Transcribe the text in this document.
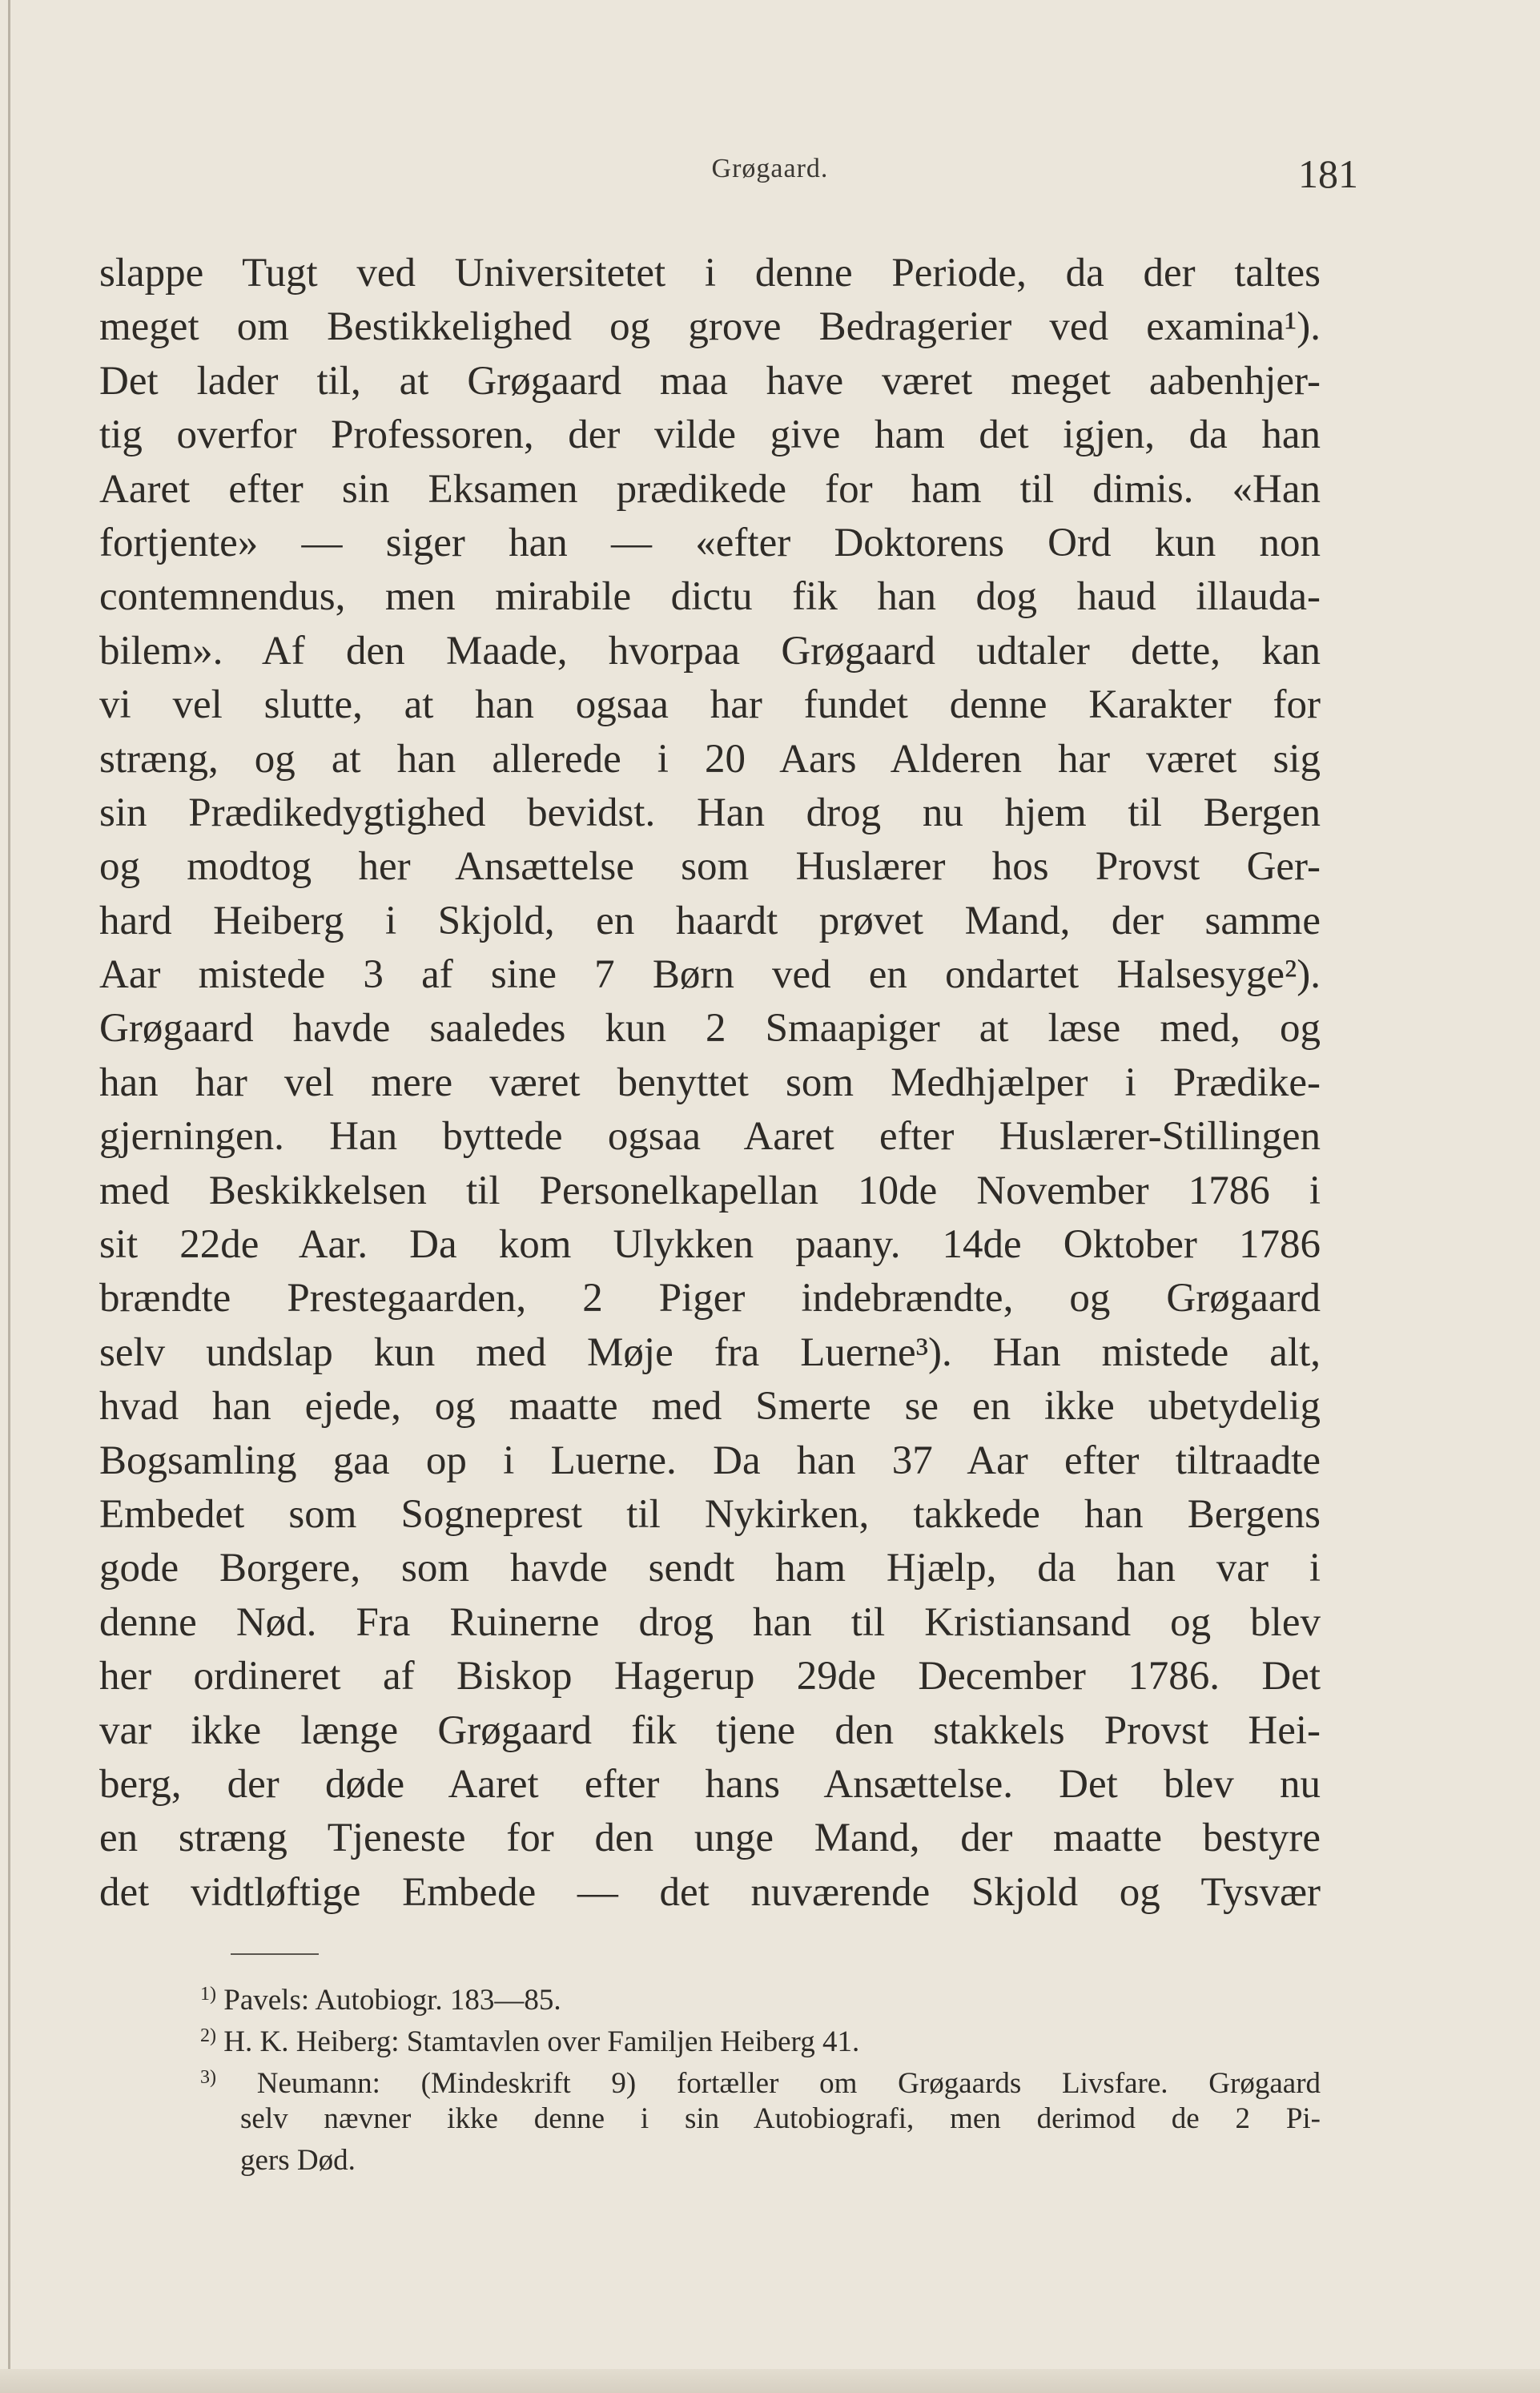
Grøgaard.	181
slappe Tugt ved Universitetet i denne Periode, da der taltes
meget om Bestikkelighed og grove Bedragerier ved examina¹).
Det lader til, at Grøgaard maa have været meget aabenhjer-
tig overfor Professoren, der vilde give ham det igjen, da han
Aaret efter sin Eksamen prædikede for ham til dimis. «Han
fortjente» — siger han — «efter Doktorens Ord kun non
contemnendus, men mirabile dictu fik han dog haud illauda-
bilem». Af den Maade, hvorpaa Grøgaard udtaler dette, kan
vi vel slutte, at han ogsaa har fundet denne Karakter for
stræng, og at han allerede i 20 Aars Alderen har været sig
sin Prædikedygtighed bevidst. Han drog nu hjem til Bergen
og modtog her Ansættelse som Huslærer hos Provst Ger-
hard Heiberg i Skjold, en haardt prøvet Mand, der samme
Aar mistede 3 af sine 7 Børn ved en ondartet Halsesyge²).
Grøgaard havde saaledes kun 2 Smaapiger at læse med, og
han har vel mere været benyttet som Medhjælper i Prædike-
gjerningen. Han byttede ogsaa Aaret efter Huslærer-Stillingen
med Beskikkelsen til Personelkapellan 10de November 1786 i
sit 22de Aar. Da kom Ulykken paany. 14de Oktober 1786
brændte Prestegaarden, 2 Piger indebrændte, og Grøgaard
selv undslap kun med Møje fra Luerne³). Han mistede alt,
hvad han ejede, og maatte med Smerte se en ikke ubetydelig
Bogsamling gaa op i Luerne. Da han 37 Aar efter tiltraadte
Embedet som Sogneprest til Nykirken, takkede han Bergens
gode Borgere, som havde sendt ham Hjælp, da han var i
denne Nød. Fra Ruinerne drog han til Kristiansand og blev
her ordineret af Biskop Hagerup 29de December 1786. Det
var ikke længe Grøgaard fik tjene den stakkels Provst Hei-
berg, der døde Aaret efter hans Ansættelse. Det blev nu
en stræng Tjeneste for den unge Mand, der maatte bestyre
det vidtløftige Embede — det nuværende Skjold og Tysvær
$^{1)}$ Pavels: Autobiogr. 183—85.
$^{2)}$ H. K. Heiberg: Stamtavlen over Familjen Heiberg 41.
$^{3)}$ Neumann: (Mindeskrift 9) fortæller om Grøgaards Livsfare. Grøgaard
selv nævner ikke denne i sin Autobiografi, men derimod de 2 Pi-
gers Død.
